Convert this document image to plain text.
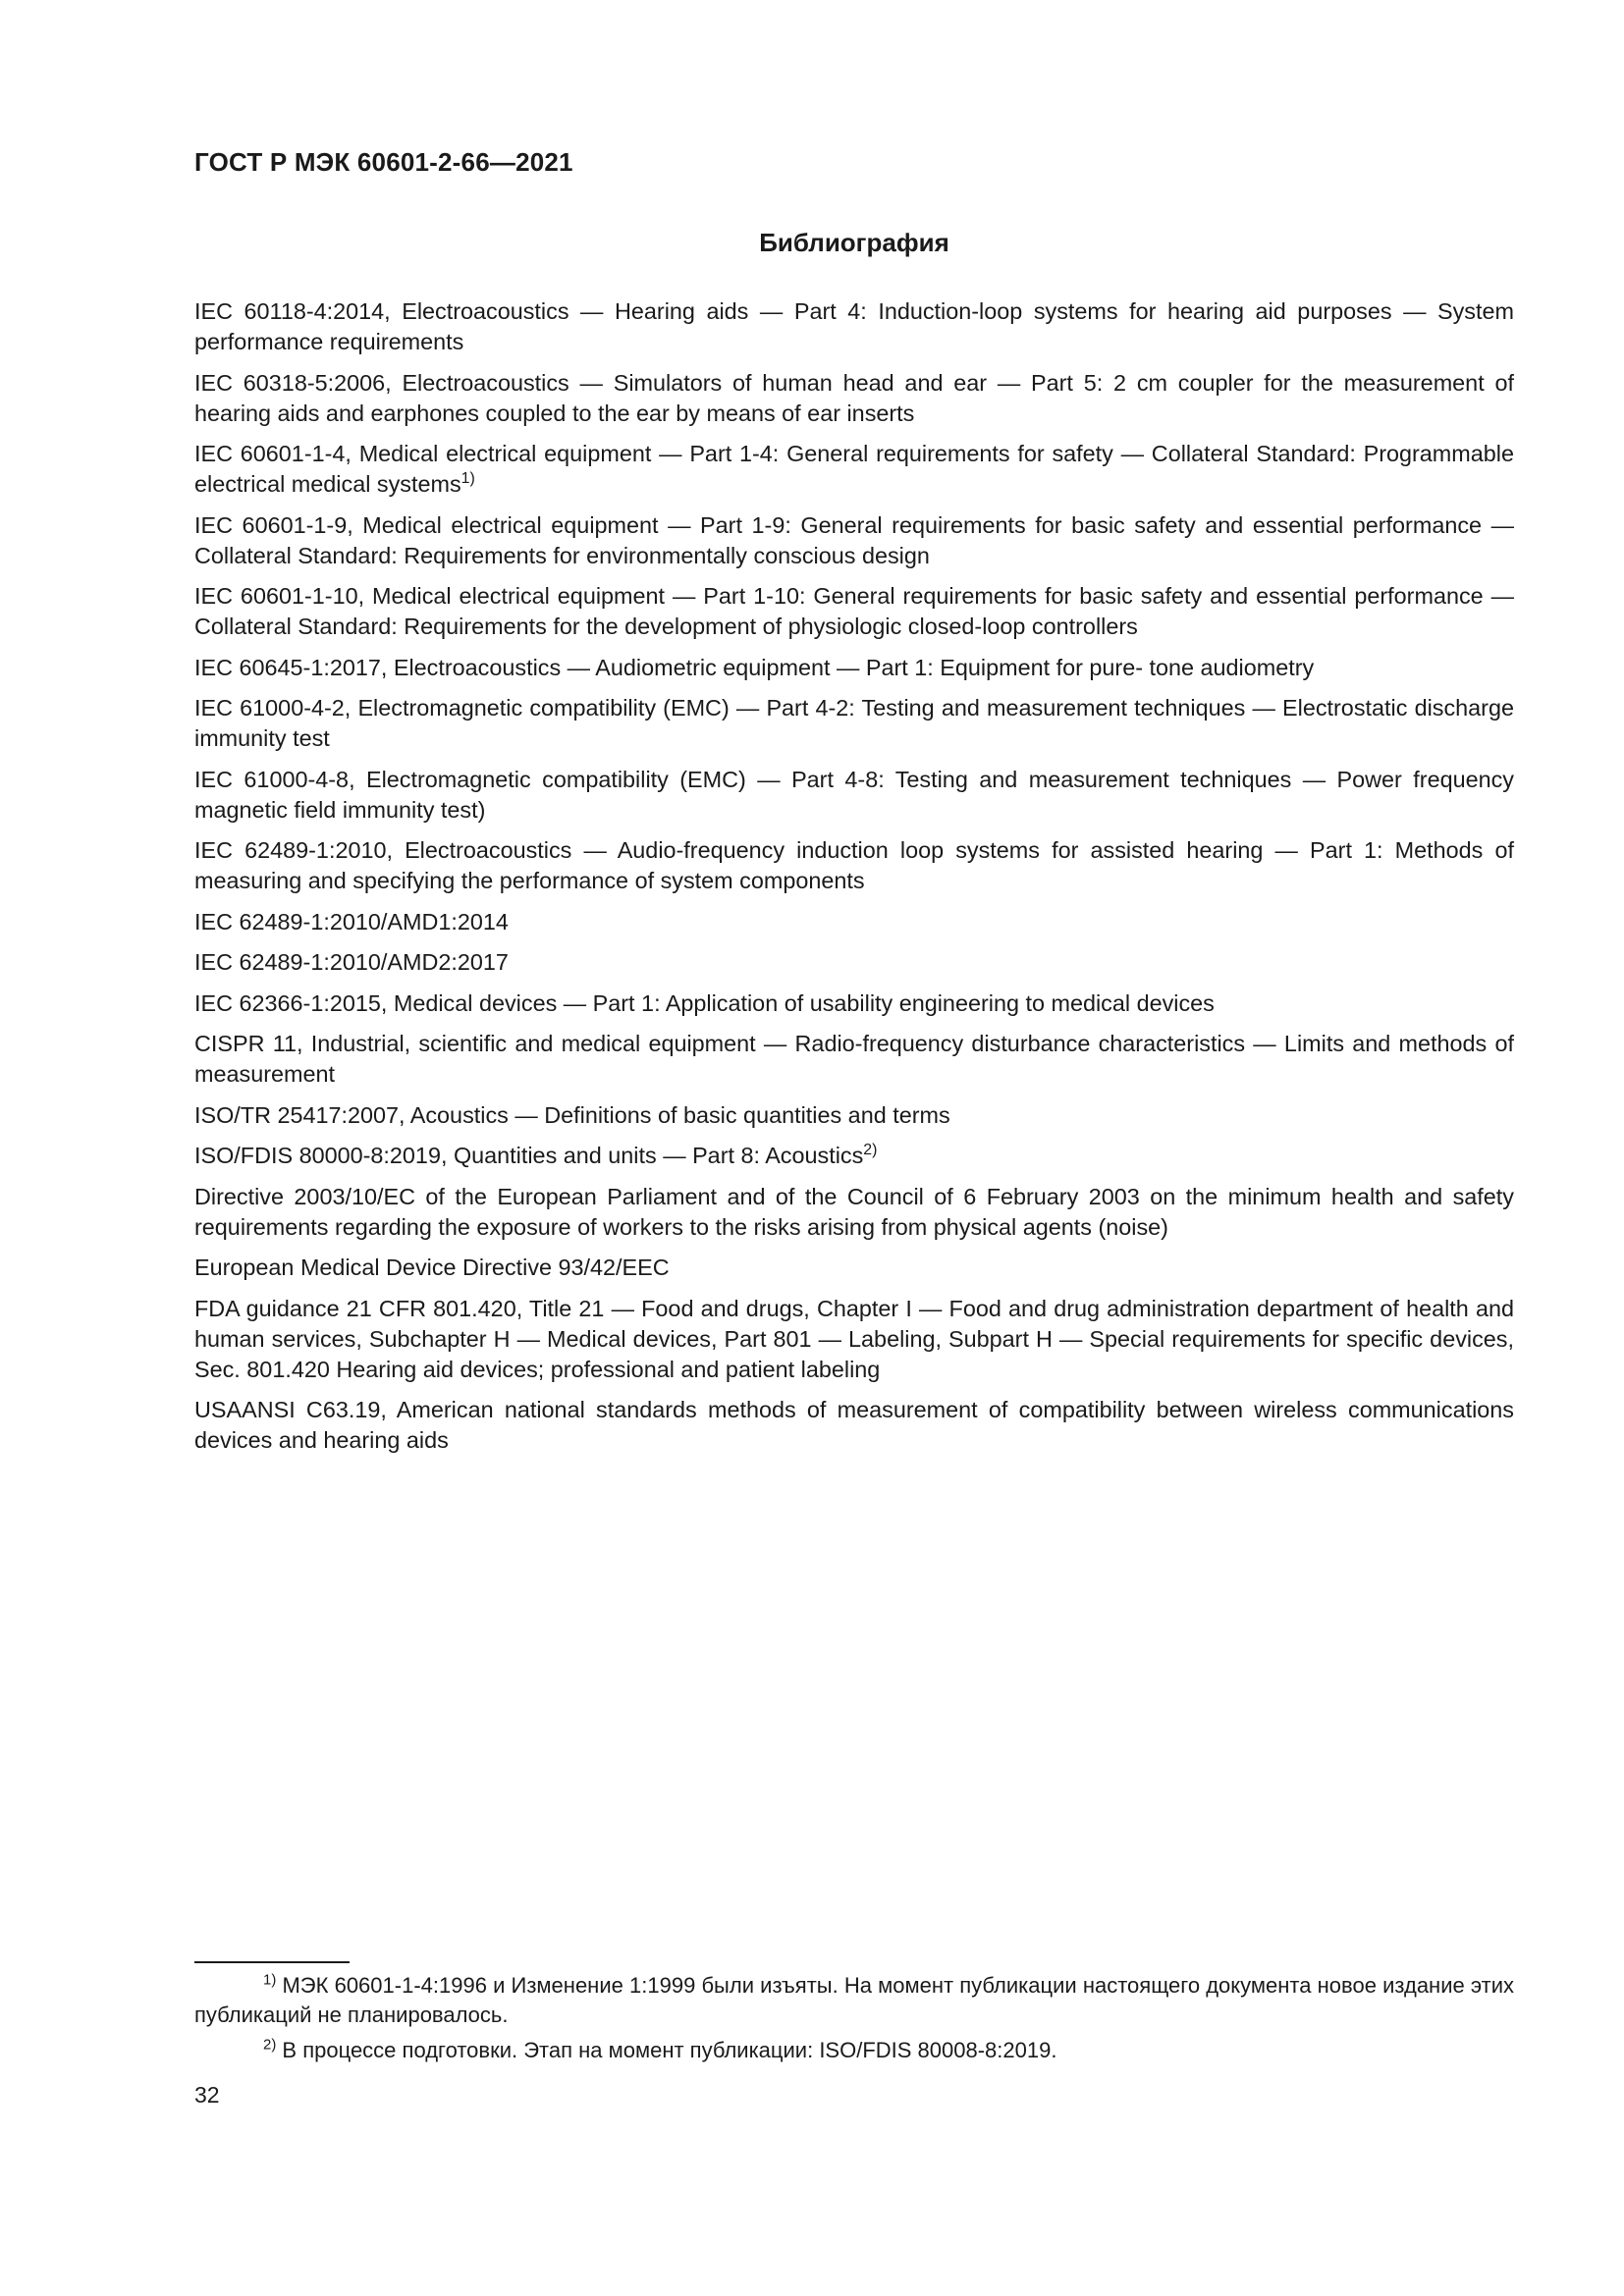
ГОСТ Р МЭК 60601-2-66—2021
Библиография
IEC 60118-4:2014, Electroacoustics — Hearing aids — Part 4: Induction-loop systems for hearing aid purposes — System performance requirements
IEC 60318-5:2006, Electroacoustics — Simulators of human head and ear — Part 5: 2 cm coupler for the measurement of hearing aids and earphones coupled to the ear by means of ear inserts
IEC 60601-1-4, Medical electrical equipment — Part 1-4: General requirements for safety — Collateral Standard: Programmable electrical medical systems$^{1)}$
IEC 60601-1-9, Medical electrical equipment — Part 1-9: General requirements for basic safety and essential performance — Collateral Standard: Requirements for environmentally conscious design
IEC 60601-1-10, Medical electrical equipment — Part 1-10: General requirements for basic safety and essential performance — Collateral Standard: Requirements for the development of physiologic closed-loop controllers
IEC 60645-1:2017, Electroacoustics — Audiometric equipment — Part 1: Equipment for pure- tone audiometry
IEC 61000-4-2, Electromagnetic compatibility (EMC) — Part 4-2: Testing and measurement techniques — Electrostatic discharge immunity test
IEC 61000-4-8, Electromagnetic compatibility (EMC) — Part 4-8: Testing and measurement techniques — Power frequency magnetic field immunity test)
IEC 62489-1:2010, Electroacoustics — Audio-frequency induction loop systems for assisted hearing — Part 1: Methods of measuring and specifying the performance of system components
IEC 62489-1:2010/AMD1:2014
IEC 62489-1:2010/AMD2:2017
IEC 62366-1:2015, Medical devices — Part 1: Application of usability engineering to medical devices
CISPR 11, Industrial, scientific and medical equipment — Radio-frequency disturbance characteristics — Limits and methods of measurement
ISO/TR 25417:2007, Acoustics — Definitions of basic quantities and terms
ISO/FDIS 80000-8:2019, Quantities and units — Part 8: Acoustics$^{2)}$
Directive 2003/10/EC of the European Parliament and of the Council of 6 February 2003 on the minimum health and safety requirements regarding the exposure of workers to the risks arising from physical agents (noise)
European Medical Device Directive 93/42/EEC
FDA guidance 21 CFR 801.420, Title 21 — Food and drugs, Chapter I — Food and drug administration department of health and human services, Subchapter H — Medical devices, Part 801 — Labeling, Subpart H — Special requirements for specific devices, Sec. 801.420 Hearing aid devices; professional and patient labeling
USAANSI C63.19, American national standards methods of measurement of compatibility between wireless communications devices and hearing aids
$^{1)}$ МЭК 60601-1-4:1996 и Изменение 1:1999 были изъяты. На момент публикации настоящего документа новое издание этих публикаций не планировалось.
$^{2)}$ В процессе подготовки. Этап на момент публикации: ISO/FDIS 80008-8:2019.
32
